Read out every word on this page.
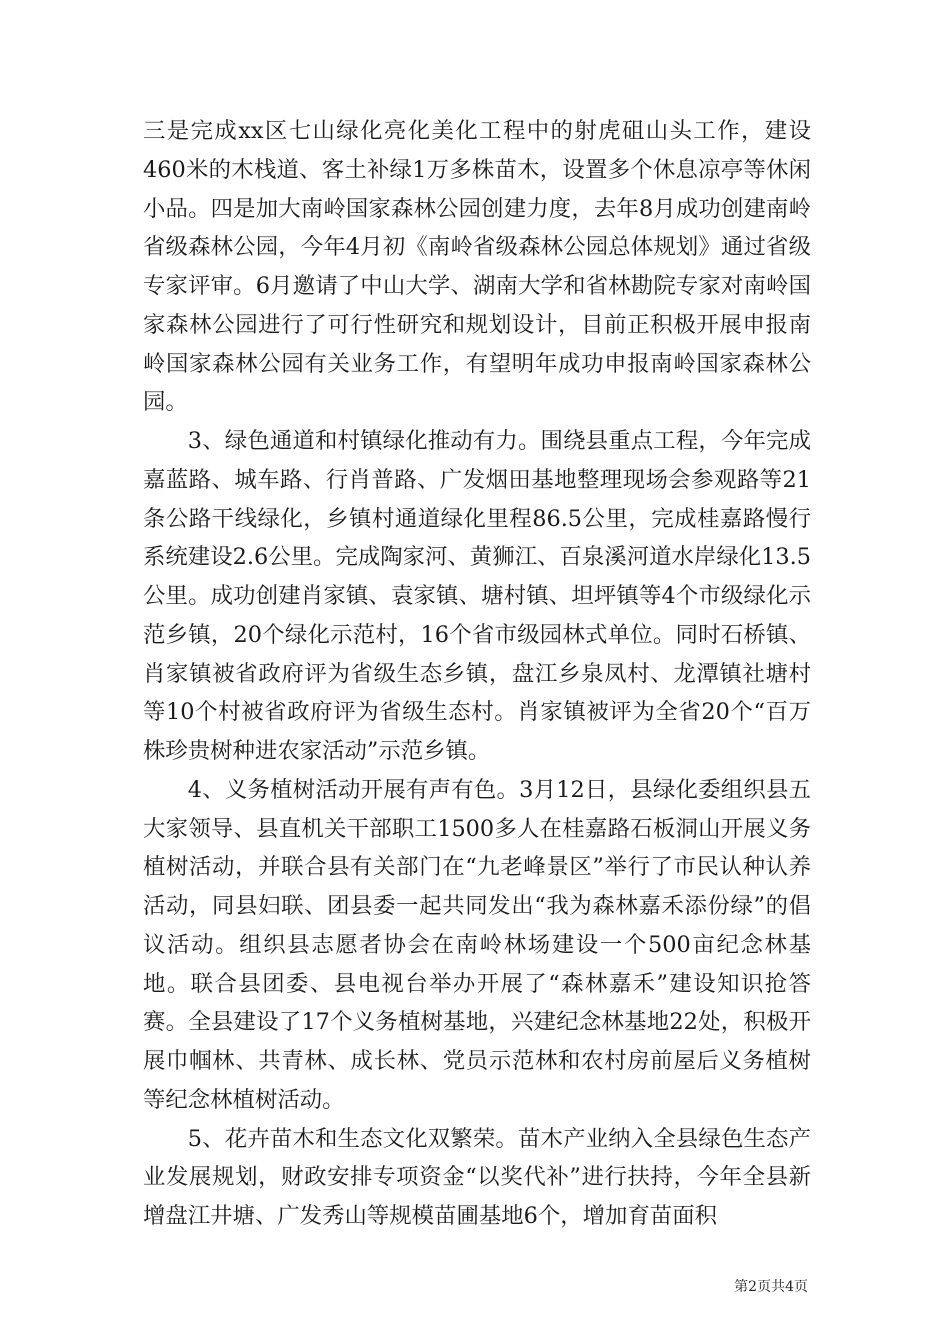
三是完成xx区七山绿化亮化美化工程中的射虎砠山头工作，建设460米的木栈道、客土补绿1万多株苗木，设置多个休息凉亭等休闲小品。四是加大南岭国家森林公园创建力度，去年8月成功创建南岭省级森林公园，今年4月初《南岭省级森林公园总体规划》通过省级专家评审。6月邀请了中山大学、湖南大学和省林勘院专家对南岭国家森林公园进行了可行性研究和规划设计，目前正积极开展申报南岭国家森林公园有关业务工作，有望明年成功申报南岭国家森林公园。

3、绿色通道和村镇绿化推动有力。围绕县重点工程，今年完成嘉蓝路、城车路、行肖普路、广发烟田基地整理现场会参观路等21条公路干线绿化，乡镇村通道绿化里程86.5公里，完成桂嘉路慢行系统建设2.6公里。完成陶家河、黄狮江、百泉溪河道水岸绿化13.5公里。成功创建肖家镇、袁家镇、塘村镇、坦坪镇等4个市级绿化示范乡镇，20个绿化示范村，16个省市级园林式单位。同时石桥镇、肖家镇被省政府评为省级生态乡镇，盘江乡泉凤村、龙潭镇社塘村等10个村被省政府评为省级生态村。肖家镇被评为全省20个“百万株珍贵树种进农家活动”示范乡镇。

4、义务植树活动开展有声有色。3月12日，县绿化委组织县五大家领导、县直机关干部职工1500多人在桂嘉路石板洞山开展义务植树活动，并联合县有关部门在“九老峰景区”举行了市民认种认养活动，同县妇联、团县委一起共同发出“我为森林嘉禾添份绿”的倡议活动。组织县志愿者协会在南岭林场建设一个500亩纪念林基地。联合县团委、县电视台举办开展了“森林嘉禾”建设知识抢答赛。全县建设了17个义务植树基地，兴建纪念林基地22处，积极开展巾帼林、共青林、成长林、党员示范林和农村房前屋后义务植树等纪念林植树活动。

5、花卉苗木和生态文化双繁荣。苗木产业纳入全县绿色生态产业发展规划，财政安排专项资金“以奖代补”进行扶持，今年全县新增盘江井塘、广发秀山等规模苗圃基地6个，增加育苗面积

第2页共4页
